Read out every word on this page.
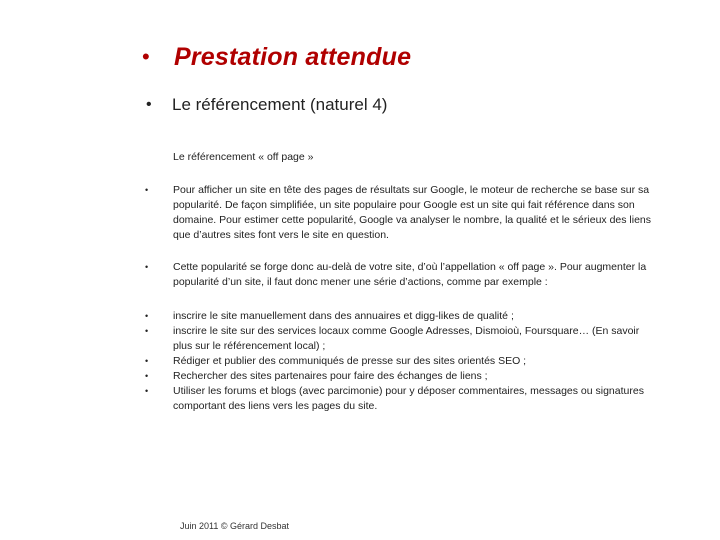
• Prestation attendue
•	Le référencement (naturel 4)
Le référencement « off page »
•	Pour afficher un site en tête des pages de résultats sur Google, le moteur de recherche se base sur sa popularité. De façon simplifiée, un site populaire pour Google est un site qui fait référence dans son domaine. Pour estimer cette popularité, Google va analyser le nombre, la qualité et le sérieux des liens que d’autres sites font vers le site en question.
•	Cette popularité se forge donc au-delà de votre site, d’où l’appellation « off page ». Pour augmenter la popularité d’un site, il faut donc mener une série d’actions, comme par exemple :
•	inscrire le site manuellement dans des annuaires et digg-likes de qualité ;
•	inscrire le site sur des services locaux comme Google Adresses, Dismoioù, Foursquare… (En savoir plus sur le référencement local) ;
•	Rédiger et publier des communiqués de presse sur des sites orientés SEO ;
•	Rechercher des sites partenaires pour faire des échanges de liens ;
•	Utiliser les forums et blogs (avec parcimonie) pour y déposer commentaires, messages ou signatures comportant des liens vers les pages du site.
Juin 2011 © Gérard Desbat
